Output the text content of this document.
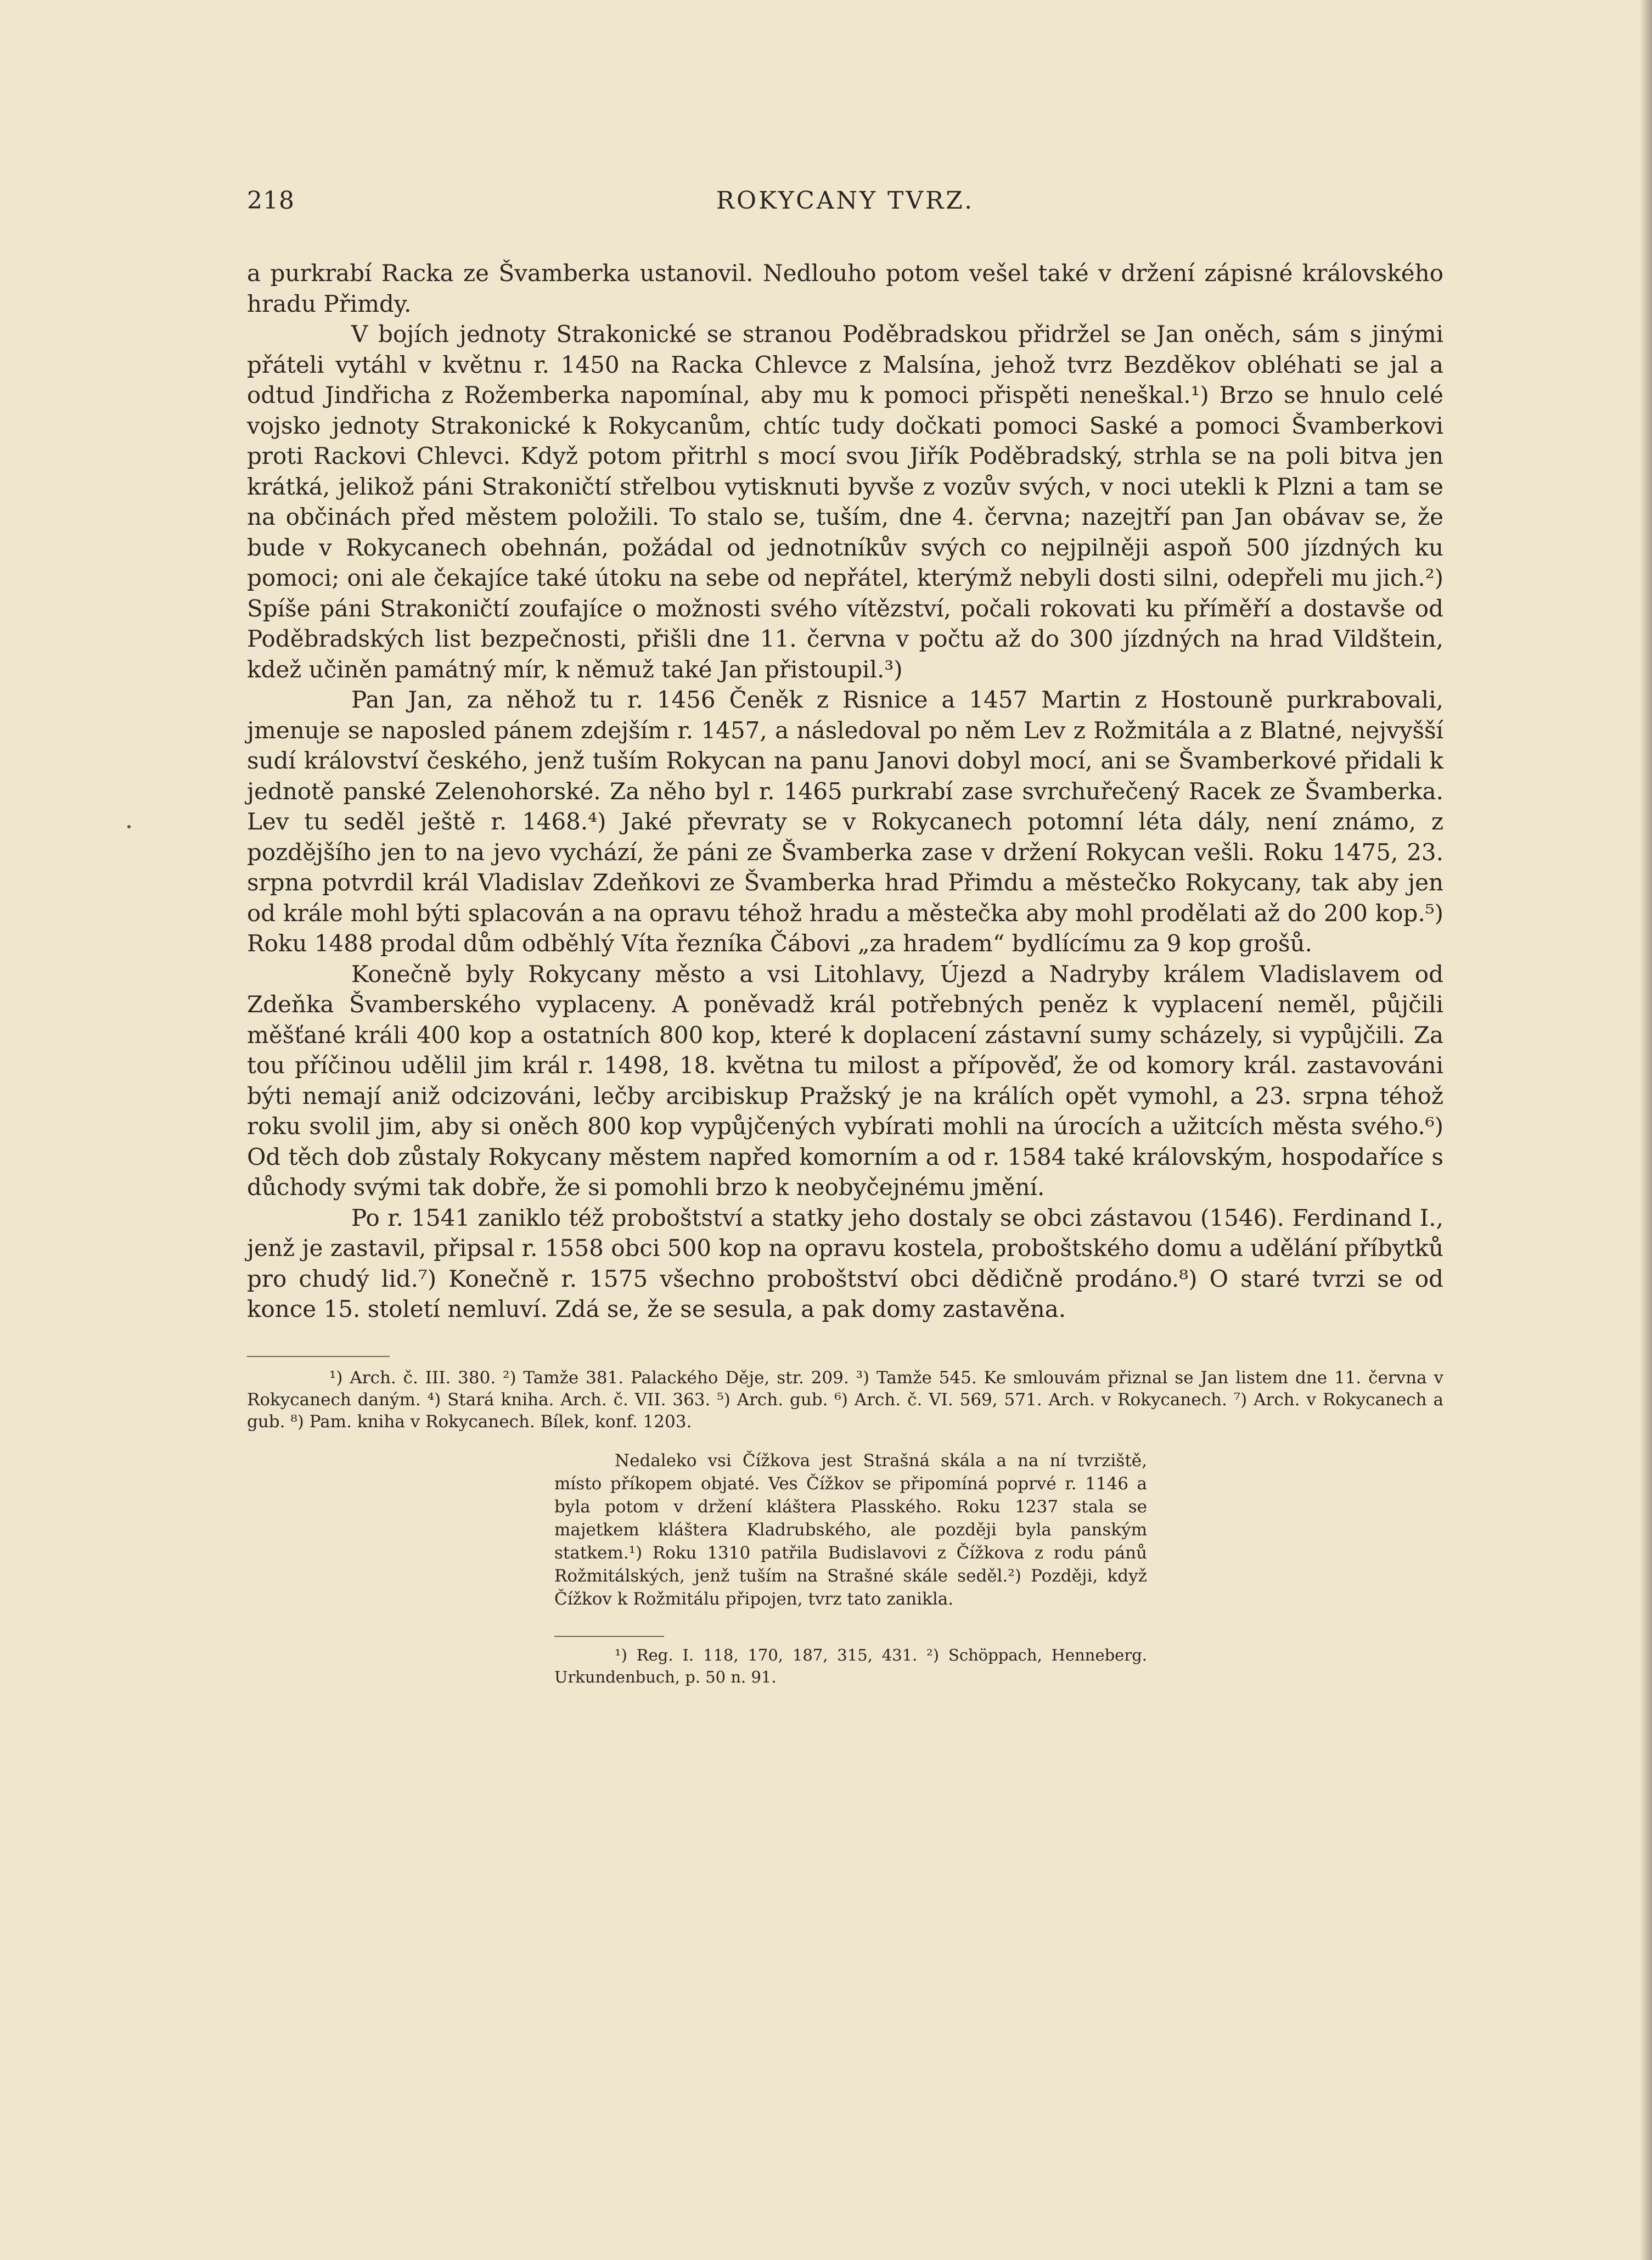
218	ROKYCANY TVRZ.

a purkrabí Racka ze Švamberka ustanovil. Nedlouho potom vešel také v držení zápisné královského hradu Přimdy.

V bojích jednoty Strakonické se stranou Poděbradskou přidržel se Jan oněch, sám s jinými přáteli vytáhl v květnu r. 1450 na Racka Chlevce z Malsína, jehož tvrz Bezděkov obléhati se jal a odtud Jindřicha z Rožemberka napomínal, aby mu k pomoci přispěti neneškal.¹) Brzo se hnulo celé vojsko jednoty Strakonické k Rokycanům, chtíc tudy dočkati pomoci Saské a pomoci Švamberkovi proti Rackovi Chlevci. Když potom přitrhl s mocí svou Jiřík Poděbradský, strhla se na poli bitva jen krátká, jelikož páni Strakoničtí střelbou vytisknuti byvše z vozův svých, v noci utekli k Plzni a tam se na občinách před městem položili. To stalo se, tuším, dne 4. června; nazejtří pan Jan obávav se, že bude v Rokycanech obehnán, požádal od jednotníkův svých co nejpilněji aspoň 500 jízdných ku pomoci; oni ale čekajíce také útoku na sebe od nepřátel, kterýmž nebyli dosti silni, odepřeli mu jich.²) Spíše páni Strakoničtí zoufajíce o možnosti svého vítězství, počali rokovati ku příměří a dostavše od Poděbradských list bezpečnosti, přišli dne 11. června v počtu až do 300 jízdných na hrad Vildštein, kdež učiněn památný mír, k němuž také Jan přistoupil.³)

Pan Jan, za něhož tu r. 1456 Čeněk z Risnice a 1457 Martin z Hostouně purkrabovali, jmenuje se naposled pánem zdejším r. 1457, a následoval po něm Lev z Rožmitála a z Blatné, nejvyšší sudí království českého, jenž tuším Rokycan na panu Janovi dobyl mocí, ani se Švamberkové přidali k jednotě panské Zelenohorské. Za něho byl r. 1465 purkrabí zase svrchuřečený Racek ze Švamberka. Lev tu seděl ještě r. 1468.⁴) Jaké převraty se v Rokycanech potomní léta dály, není známo, z pozdějšího jen to na jevo vychází, že páni ze Švamberka zase v držení Rokycan vešli. Roku 1475, 23. srpna potvrdil král Vladislav Zdeňkovi ze Švamberka hrad Přimdu a městečko Rokycany, tak aby jen od krále mohl býti splacován a na opravu téhož hradu a městečka aby mohl prodělati až do 200 kop.⁵) Roku 1488 prodal dům odběhlý Víta řezníka Čábovi „za hradem“ bydlícímu za 9 kop grošů.

Konečně byly Rokycany město a vsi Litohlavy, Újezd a Nadryby králem Vladislavem od Zdeňka Švamberského vyplaceny. A poněvadž král potřebných peněz k vyplacení neměl, půjčili měšťané králi 400 kop a ostatních 800 kop, které k doplacení zástavní sumy scházely, si vypůjčili. Za tou příčinou udělil jim král r. 1498, 18. května tu milost a přípověď, že od komory král. zastavováni býti nemají aniž odcizováni, lečby arcibiskup Pražský je na králích opět vymohl, a 23. srpna téhož roku svolil jim, aby si oněch 800 kop vypůjčených vybírati mohli na úrocích a užitcích města svého.⁶) Od těch dob zůstaly Rokycany městem napřed komorním a od r. 1584 také královským, hospodaříce s důchody svými tak dobře, že si pomohli brzo k neobyčejnému jmění.

Po r. 1541 zaniklo též proboštství a statky jeho dostaly se obci zástavou (1546). Ferdinand I., jenž je zastavil, připsal r. 1558 obci 500 kop na opravu kostela, proboštského domu a udělání příbytků pro chudý lid.⁷) Konečně r. 1575 všechno proboštství obci dědičně prodáno.⁸) O staré tvrzi se od konce 15. století nemluví. Zdá se, že se sesula, a pak domy zastavěna.

¹) Arch. č. III. 380. ²) Tamže 381. Palackého Děje, str. 209. ³) Tamže 545. Ke smlouvám přiznal se Jan listem dne 11. června v Rokycanech daným. ⁴) Stará kniha. Arch. č. VII. 363. ⁵) Arch. gub. ⁶) Arch. č. VI. 569, 571. Arch. v Rokycanech. ⁷) Arch. v Rokycanech a gub. ⁸) Pam. kniha v Rokycanech. Bílek, konf. 1203.

Nedaleko vsi Čížkova jest Strašná skála a na ní tvrziště, místo příkopem objaté. Ves Čížkov se připomíná poprvé r. 1146 a byla potom v držení kláštera Plasského. Roku 1237 stala se majetkem kláštera Kladrubského, ale později byla panským statkem.¹) Roku 1310 patřila Budislavovi z Čížkova z rodu pánů Rožmitálských, jenž tuším na Strašné skále seděl.²) Později, když Čížkov k Rožmitálu připojen, tvrz tato zanikla.

¹) Reg. I. 118, 170, 187, 315, 431. ²) Schöppach, Henneberg. Urkundenbuch, p. 50 n. 91.
